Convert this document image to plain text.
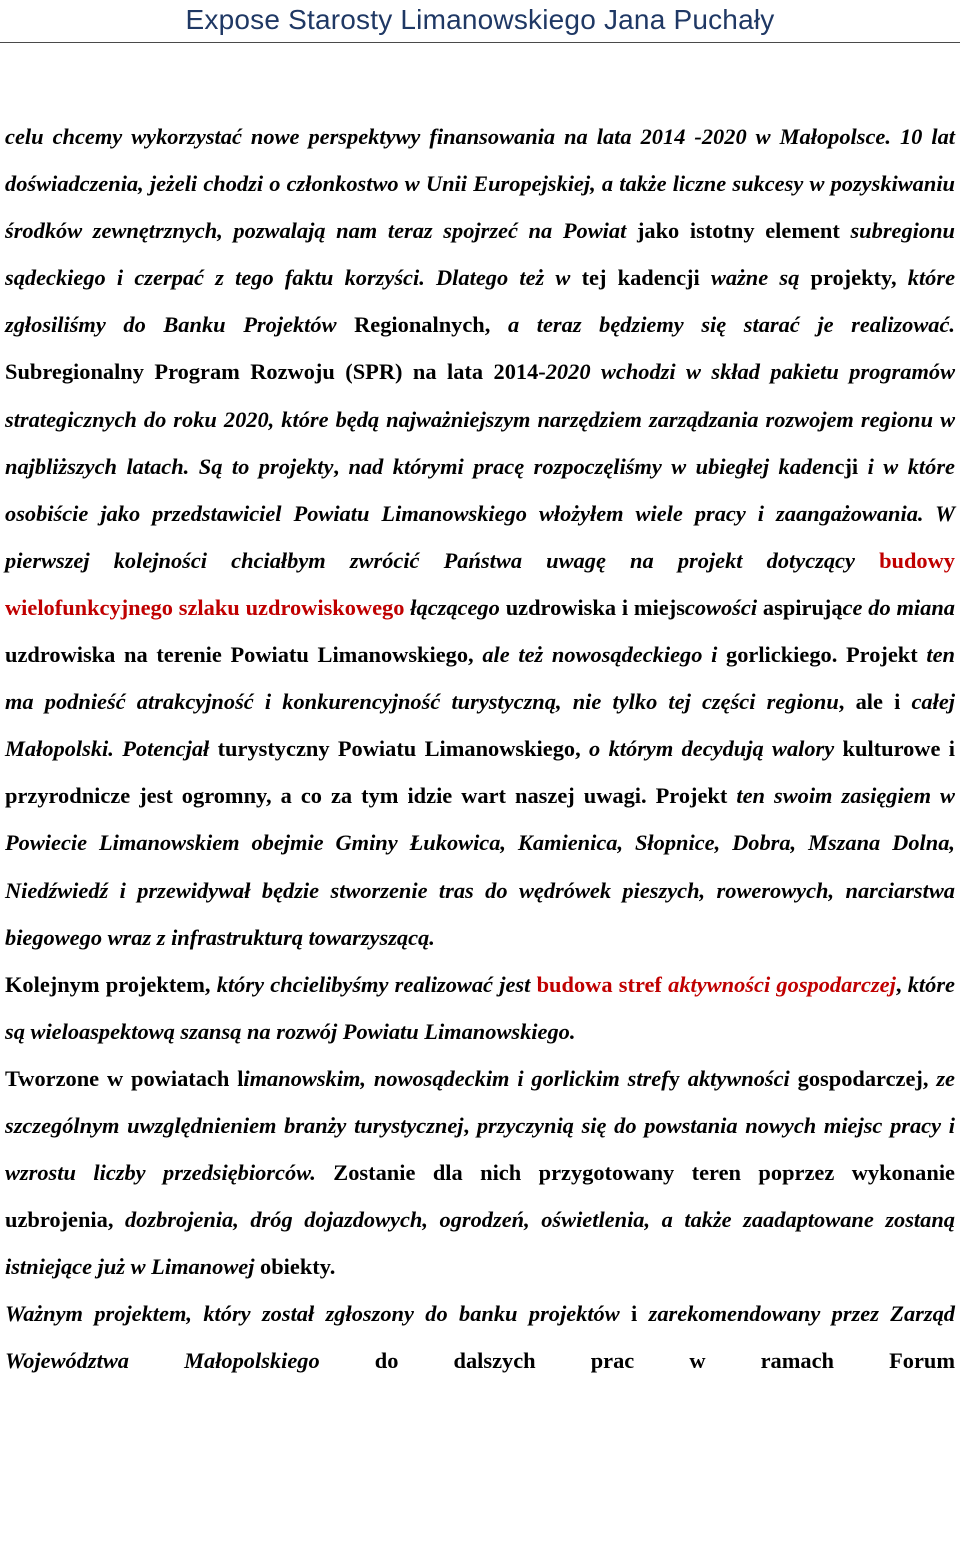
Expose Starosty Limanowskiego Jana Puchały

celu chcemy wykorzystać nowe perspektywy finansowania na lata 2014 -2020 w Małopolsce. 10 lat doświadczenia, jeżeli chodzi o członkostwo w Unii Europejskiej, a także liczne sukcesy w pozyskiwaniu środków zewnętrznych, pozwalają nam teraz spojrzeć na Powiat jako istotny element subregionu sądeckiego i czerpać z tego faktu korzyści. Dlatego też w tej kadencji ważne są projekty, które zgłosiliśmy do Banku Projektów Regionalnych, a teraz będziemy się starać je realizować. Subregionalny Program Rozwoju (SPR) na lata 2014-2020 wchodzi w skład pakietu programów strategicznych do roku 2020, które będą najważniejszym narzędziem zarządzania rozwojem regionu w najbliższych latach. Są to projekty, nad którymi pracę rozpoczęliśmy w ubiegłej kadencji i w które osobiście jako przedstawiciel Powiatu Limanowskiego włożyłem wiele pracy i zaangażowania. W pierwszej kolejności chciałbym zwrócić Państwa uwagę na projekt dotyczący budowy wielofunkcyjnego szlaku uzdrowiskowego łączącego uzdrowiska i miejscowości aspirujące do miana uzdrowiska na terenie Powiatu Limanowskiego, ale też nowosądeckiego i gorlickiego. Projekt ten ma podnieść atrakcyjność i konkurencyjność turystyczną, nie tylko tej części regionu, ale i całej Małopolski. Potencjał turystyczny Powiatu Limanowskiego, o którym decydują walory kulturowe i przyrodnicze jest ogromny, a co za tym idzie wart naszej uwagi. Projekt ten swoim zasięgiem w Powiecie Limanowskiem obejmie Gminy Łukowica, Kamienica, Słopnice, Dobra, Mszana Dolna, Niedźwiedź i przewidywał będzie stworzenie tras do wędrówek pieszych, rowerowych, narciarstwa biegowego wraz z infrastrukturą towarzyszącą.

Kolejnym projektem, który chcielibyśmy realizować jest budowa stref aktywności gospodarczej, które są wieloaspektową szansą na rozwój Powiatu Limanowskiego.

Tworzone w powiatach limanowskim, nowosądeckim i gorlickim strefy aktywności gospodarczej, ze szczególnym uwzględnieniem branży turystycznej, przyczynią się do powstania nowych miejsc pracy i wzrostu liczby przedsiębiorców. Zostanie dla nich przygotowany teren poprzez wykonanie uzbrojenia, dozbrojenia, dróg dojazdowych, ogrodzeń, oświetlenia, a także zaadaptowane zostaną istniejące już w Limanowej obiekty.

Ważnym projektem, który został zgłoszony do banku projektów i zarekomendowany przez Zarząd Województwa Małopolskiego do dalszych prac w ramach Forum
